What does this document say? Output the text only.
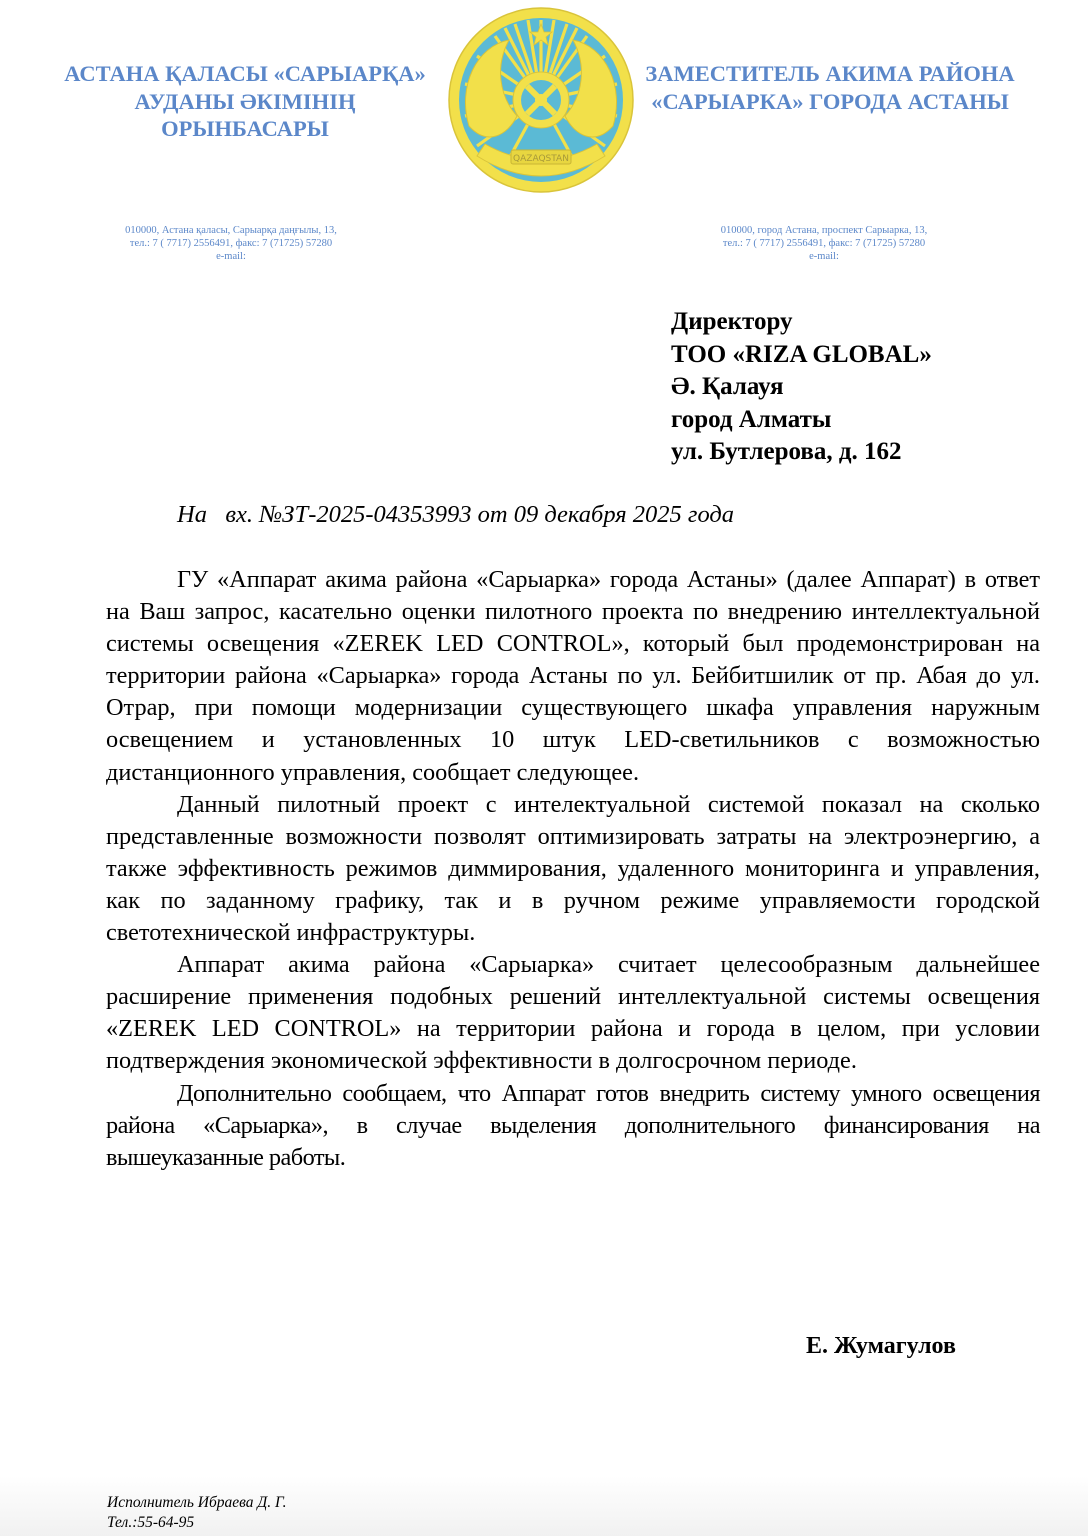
АСТАНА ҚАЛАСЫ «САРЫАРҚА»
АУДАНЫ ӘКІМІНІҢ
ОРЫНБАСАРЫ
QAZAQSTAN
ЗАМЕСТИТЕЛЬ АКИМА РАЙОНА
«САРЫАРКА» ГОРОДА АСТАНЫ
010000, Астана қаласы, Сарыарқа даңғылы, 13,
тел.: 7 ( 7717) 2556491, факс: 7 (71725) 57280
e-mail:
010000, город Астана, проспект Сарыарка, 13,
тел.: 7 ( 7717) 2556491, факс: 7 (71725) 57280
e-mail:
Директору
ТОО «RIZA GLOBAL»
Ә. Қалауя
город Алматы
ул. Бутлерова, д. 162
На   вх. №ЗТ-2025-04353993 от 09 декабря 2025 года

ГУ «Аппарат акима района «Сарыарка» города Астаны» (далее Аппарат) в ответ на Ваш запрос, касательно оценки пилотного проекта по внедрению интеллектуальной системы освещения «ZEREK LED CONTROL», который был продемонстрирован на территории района «Сарыарка» города Астаны по ул. Бейбитшилик от пр. Абая до ул. Отрар, при помощи модернизации существующего шкафа управления наружным освещением и установленных 10 штук LED-светильников с возможностью дистанционного управления, сообщает следующее.

Данный пилотный проект с интелектуальной системой показал на сколько представленные возможности позволят оптимизировать затраты на электроэнергию, а также эффективность режимов диммирования, удаленного мониторинга и управления, как по заданному графику, так и в ручном режиме управляемости городской светотехнической инфраструктуры.

Аппарат акима района «Сарыарка» считает целесообразным дальнейшее расширение применения подобных решений интеллектуальной системы освещения «ZEREK LED CONTROL» на территории района и города в целом, при условии подтверждения экономической эффективности в долгосрочном периоде.

Дополнительно сообщаем, что Аппарат готов внедрить систему умного освещения района «Сарыарка», в случае выделения дополнительного финансирования на вышеуказанные работы.

Е. Жумагулов
Исполнитель Ибраева Д. Г.
Тел.:55-64-95
